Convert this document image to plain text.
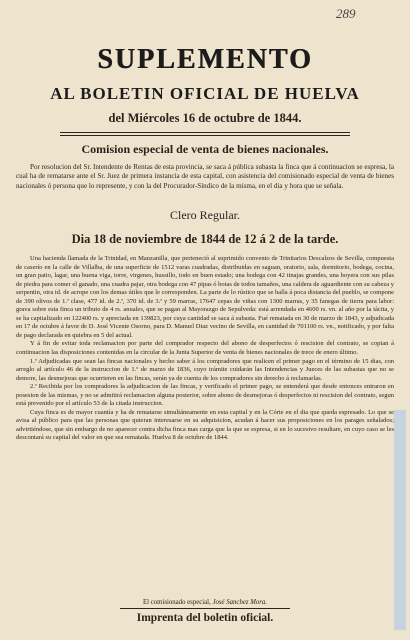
289
SUPLEMENTO
AL BOLETIN OFICIAL DE HUELVA
del Miércoles 16 de octubre de 1844.
Comision especial de venta de bienes nacionales.
Por resolucion del Sr. Intendente de Rentas de esta provincia, se saca á pública subasta la finca que á continuacion se espresa, la cual ha de rematarse ante el Sr. Juez de primera instancia de esta capital, con asistencia del comisionado especial de venta de bienes nacionales ó persona que lo represente, y con la del Procurador-Síndico de la misma, en el dia y hora que se señala.
Clero Regular.
Dia 18 de noviembre de 1844 de 12 á 2 de la tarde.

Una hacienda llamada de la Trinidad, en Manzanilla, que perteneció al suprimido convento de Trinitarios Descalzos de Sevilla, compuesta de caserío en la calle de Villalba, de una superficie de 1512 varas cuadradas, distribuidas en saguan, oratorio, sala, dormitorio, bodega, cocina, un gran patio, lagar, una buena viga, torre, virgenes, hussillo, todo en buen estado; una bodega con 42 tinajas grandes, una boyera con sus pilas de piedra para comer el ganado, una cuadra pajar, otra bodega con 47 pipas ó botas de todos tamaños, una caldera de aguardiente con su cabeza y serpentin, otra id. de acrope con los demas útiles que le corresponden. La parte de lo rústico que se halla á poca distancia del pueblo, se compone de 390 olivos de 1.ª clase, 477 id. de 2.ª, 370 id. de 3.ª y 59 marras, 17647 cepas de viñas con 1300 marras, y 35 fanegas de tierra para labor: grava sobre esta finca un tributo de 4 rs. anuales, que se pagan al Mayorazgo de Sepulveda: está arrendada en 4600 rs. vn. al año por la tácita, y se ha capitalizado en 122400 rs. y apreciada en 139823, por cuya cantidad se saca á subasta. Fué rematada en 30 de marzo de 1843, y adjudicada en 17 de octubre á favor de D. José Vicente Osorno, para D. Manuel Diaz vecino de Sevilla, en cantidad de 701100 rs. vn., notificado, y por falta de pago declarada en quiebra en 5 del actual.

Y á fin de evitar toda reclamacion por parte del comprador respecto del abono de desperfectos ó rescision del contrato, se copian á continuacion las disposiciones contenidas en la circular de la Junta Superior de venta de bienes nacionales de trece de enero último.

1.ª Adjudicadas que sean las fincas nacionales y hecho saber á los compradores que realicen el primer pago en el término de 15 dias, con arreglo al artículo 46 de la instruccion de 1.º de marzo de 1836, cuyo trámite cuidarán las Intendencias y Jueces de las subastas que no se demore, las desmejoras que ocurrieren en las fincas, serán ya de cuenta de los compradores sin derecho á reclamarlas.

2.ª Recibida por los compradores la adjudicacion de las fincas, y verificado el primer pago, se entenderá que desde entonces entraron en posesion de las mismas, y no se admitirá reclamacion alguna posterior, sobre abono de desmejoras ó desperfectos ni rescision del contrato, segun está prevenido por el artículo 53 de la citada instruccion.

Cuya finca es de mayor cuantía y ha de rematarse simultáneamente en esta capital y en la Córte en el dia que queda espresado. Lo que se avisa al público para que las personas que quieran interesarse en su adquisicion, acudan á hacer sus proposiciones en los parages señalados; advirtiéndose, que sin embargo de no aparecer contra dicha finca mas carga que la que se espresa, si en lo sucesivo resultare, en cuyo caso se les descontará su capital del valor en que sea rematada. Huelva 8 de octubre de 1844.

El comisionado especial, José Sanchez Mora.
Imprenta del boletin oficial.
